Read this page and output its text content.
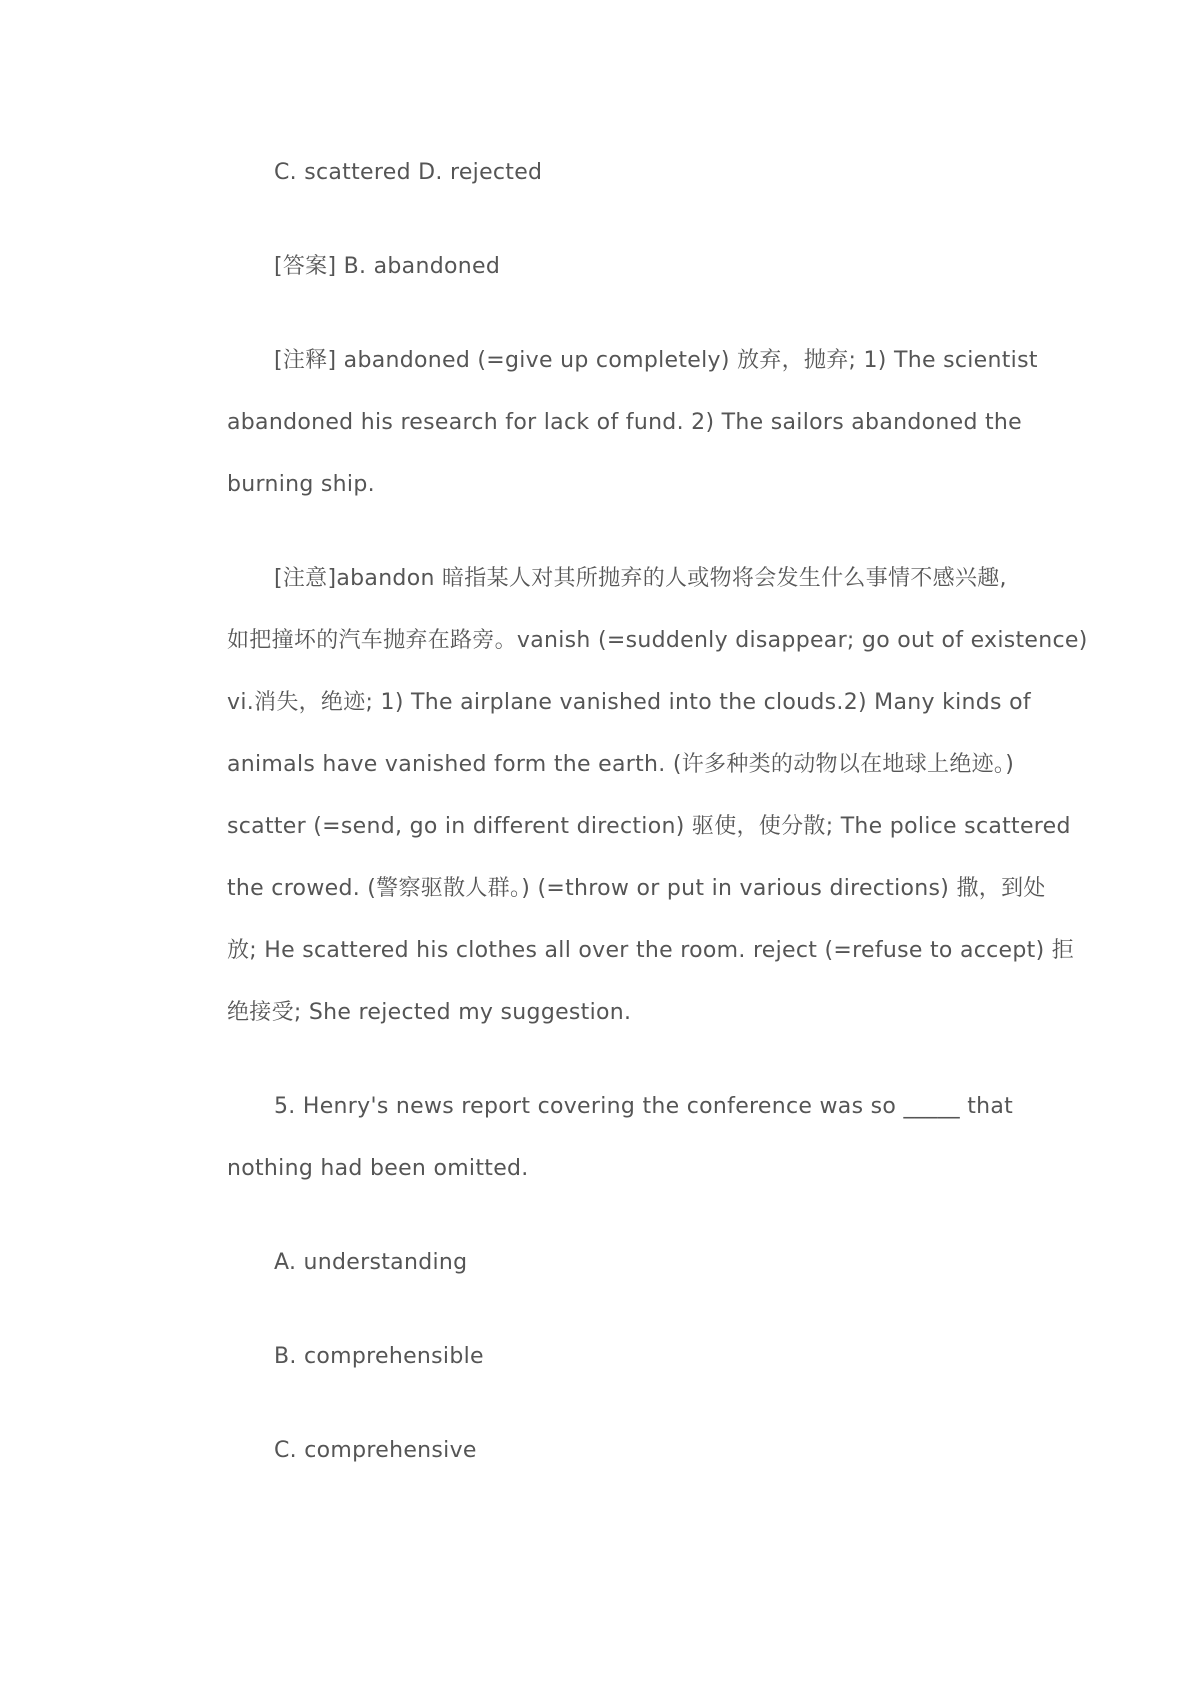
C. scattered D. rejected
[答案] B. abandoned
[注释] abandoned (=give up completely) 放弃，抛弃; 1) The scientist
abandoned his research for lack of fund. 2) The sailors abandoned the
burning ship.
[注意]abandon 暗指某人对其所抛弃的人或物将会发生什么事情不感兴趣,
如把撞坏的汽车抛弃在路旁。vanish (=suddenly disappear; go out of existence)
vi.消失，绝迹; 1) The airplane vanished into the clouds.2) Many kinds of
animals have vanished form the earth. (许多种类的动物以在地球上绝迹。)
scatter (=send, go in different direction) 驱使，使分散; The police scattered
the crowed. (警察驱散人群。) (=throw or put in various directions) 撒，到处
放; He scattered his clothes all over the room. reject (=refuse to accept) 拒
绝接受; She rejected my suggestion.
5. Henry's news report covering the conference was so _____ that
nothing had been omitted.
A. understanding
B. comprehensible
C. comprehensive
